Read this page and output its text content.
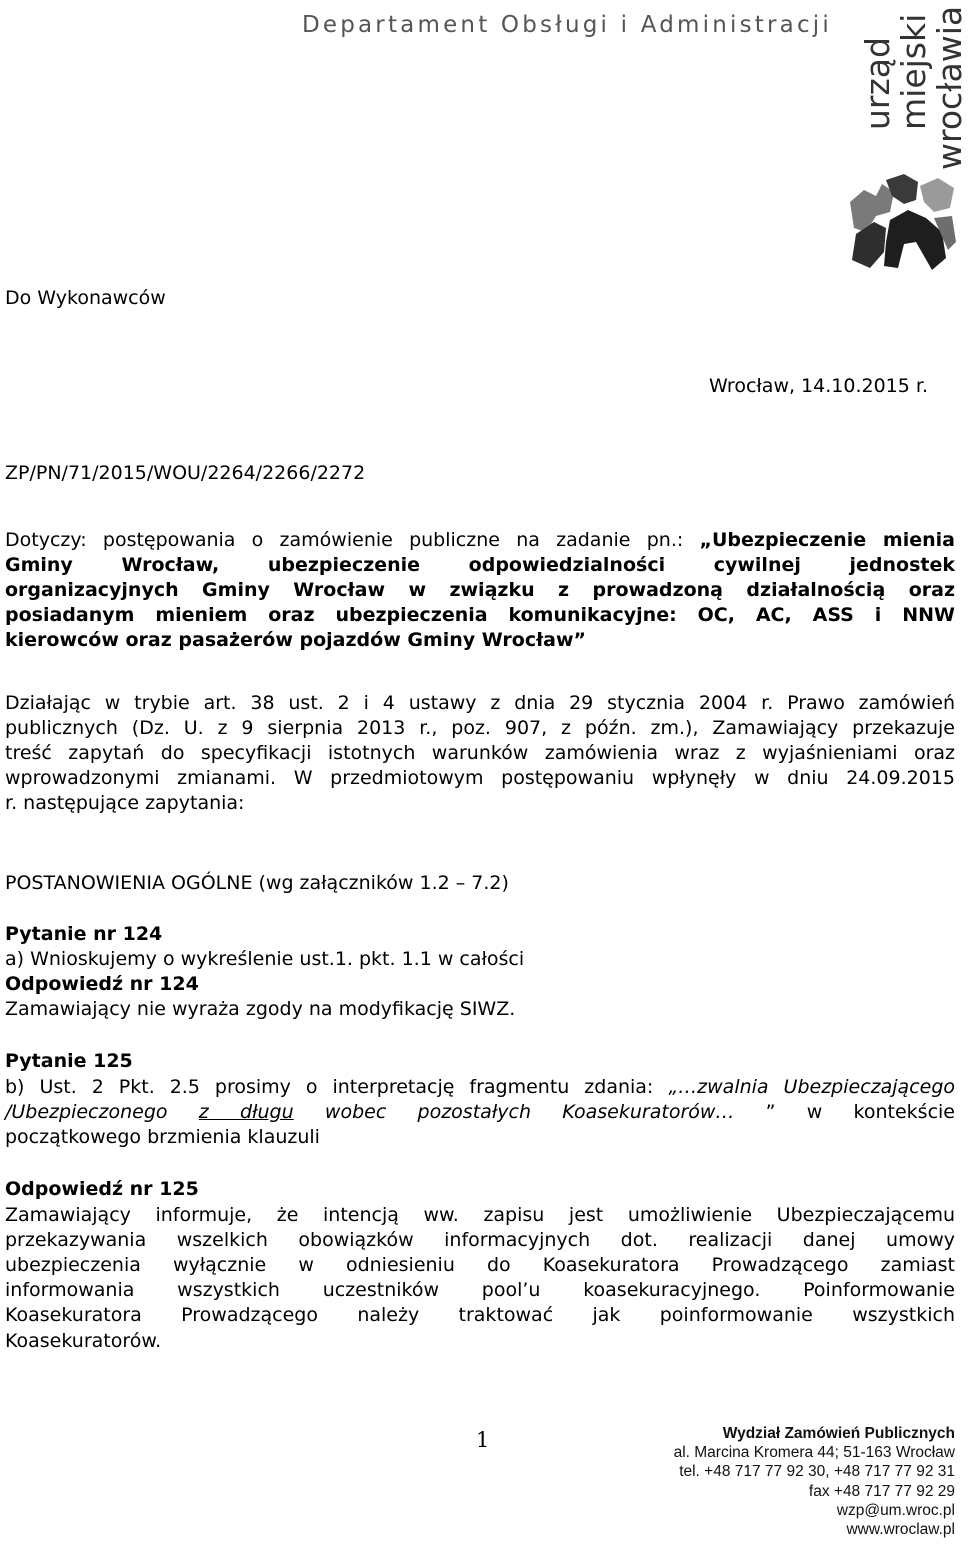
Departament Obsługi i Administracji
urząd
miejski
wrocławia
Do Wykonawców
Wrocław, 14.10.2015 r.
ZP/PN/71/2015/WOU/2264/2266/2272
Dotyczy: postępowania o zamówienie publiczne na zadanie pn.: „Ubezpieczenie mienia
Gminy Wrocław, ubezpieczenie odpowiedzialności cywilnej jednostek
organizacyjnych Gminy Wrocław w związku z prowadzoną działalnością oraz
posiadanym mieniem oraz ubezpieczenia komunikacyjne: OC, AC, ASS i NNW
kierowców oraz pasażerów pojazdów Gminy Wrocław”
Działając w trybie art. 38 ust. 2 i 4 ustawy z dnia 29 stycznia 2004 r. Prawo zamówień
publicznych (Dz. U. z 9 sierpnia 2013 r., poz. 907, z późn. zm.), Zamawiający przekazuje
treść zapytań do specyfikacji istotnych warunków zamówienia wraz z wyjaśnieniami oraz
wprowadzonymi zmianami. W przedmiotowym postępowaniu wpłynęły w dniu 24.09.2015
r. następujące zapytania:
POSTANOWIENIA OGÓLNE (wg załączników 1.2 – 7.2)
Pytanie nr 124
a) Wnioskujemy o wykreślenie ust.1. pkt. 1.1 w całości
Odpowiedź nr 124
Zamawiający nie wyraża zgody na modyfikację SIWZ.
Pytanie 125
b) Ust. 2 Pkt. 2.5 prosimy o interpretację fragmentu zdania: „…zwalnia Ubezpieczającego
/Ubezpieczonego z długu wobec pozostałych Koasekuratorów… ” w kontekście
początkowego brzmienia klauzuli
Odpowiedź nr 125
Zamawiający informuje, że intencją ww. zapisu jest umożliwienie Ubezpieczającemu
przekazywania wszelkich obowiązków informacyjnych dot. realizacji danej umowy
ubezpieczenia wyłącznie w odniesieniu do Koasekuratora Prowadzącego zamiast
informowania wszystkich uczestników pool’u koasekuracyjnego. Poinformowanie
Koasekuratora Prowadzącego należy traktować jak poinformowanie wszystkich
Koasekuratorów.
1	Wydział Zamówień Publicznych
al. Marcina Kromera 44; 51-163 Wrocław
tel. +48 717 77 92 30, +48 717 77 92 31
fax +48 717 77 92 29
wzp@um.wroc.pl
www.wroclaw.pl
